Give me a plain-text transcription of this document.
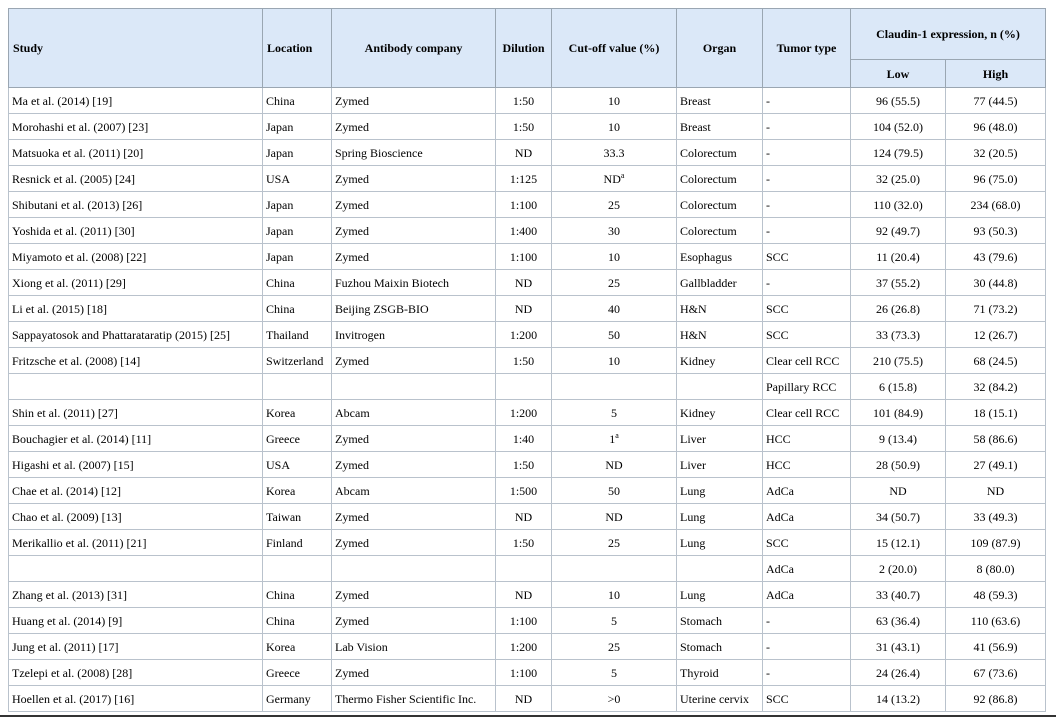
Study	Location	Antibody company	Dilution	Cut-off value (%)	Organ	Tumor type	Claudin-1 expression, n (%)	
							Low	High
Ma et al. (2014) [19]	China	Zymed	1:50	10	Breast	-	96 (55.5)	77 (44.5)
Morohashi et al. (2007) [23]	Japan	Zymed	1:50	10	Breast	-	104 (52.0)	96 (48.0)
Matsuoka et al. (2011) [20]	Japan	Spring Bioscience	ND	33.3	Colorectum	-	124 (79.5)	32 (20.5)
Resnick et al. (2005) [24]	USA	Zymed	1:125	$ND^a$	Colorectum	-	32 (25.0)	96 (75.0)
Shibutani et al. (2013) [26]	Japan	Zymed	1:100	25	Colorectum	-	110 (32.0)	234 (68.0)
Yoshida et al. (2011) [30]	Japan	Zymed	1:400	30	Colorectum	-	92 (49.7)	93 (50.3)
Miyamoto et al. (2008) [22]	Japan	Zymed	1:100	10	Esophagus	SCC	11 (20.4)	43 (79.6)
Xiong et al. (2011) [29]	China	Fuzhou Maixin Biotech	ND	25	Gallbladder	-	37 (55.2)	30 (44.8)
Li et al. (2015) [18]	China	Beijing ZSGB-BIO	ND	40	H&N	SCC	26 (26.8)	71 (73.2)
Sappayatosok and Phattarataratip (2015) [25]	Thailand	Invitrogen	1:200	50	H&N	SCC	33 (73.3)	12 (26.7)
Fritzsche et al. (2008) [14]	Switzerland	Zymed	1:50	10	Kidney	Clear cell RCC	210 (75.5)	68 (24.5)
						Papillary RCC	6 (15.8)	32 (84.2)
Shin et al. (2011) [27]	Korea	Abcam	1:200	5	Kidney	Clear cell RCC	101 (84.9)	18 (15.1)
Bouchagier et al. (2014) [11]	Greece	Zymed	1:40	1$^a$	Liver	HCC	9 (13.4)	58 (86.6)
Higashi et al. (2007) [15]	USA	Zymed	1:50	ND	Liver	HCC	28 (50.9)	27 (49.1)
Chae et al. (2014) [12]	Korea	Abcam	1:500	50	Lung	AdCa	ND	ND
Chao et al. (2009) [13]	Taiwan	Zymed	ND	ND	Lung	AdCa	34 (50.7)	33 (49.3)
Merikallio et al. (2011) [21]	Finland	Zymed	1:50	25	Lung	SCC	15 (12.1)	109 (87.9)
						AdCa	2 (20.0)	8 (80.0)
Zhang et al. (2013) [31]	China	Zymed	ND	10	Lung	AdCa	33 (40.7)	48 (59.3)
Huang et al. (2014) [9]	China	Zymed	1:100	5	Stomach	-	63 (36.4)	110 (63.6)
Jung et al. (2011) [17]	Korea	Lab Vision	1:200	25	Stomach	-	31 (43.1)	41 (56.9)
Tzelepi et al. (2008) [28]	Greece	Zymed	1:100	5	Thyroid	-	24 (26.4)	67 (73.6)
Hoellen et al. (2017) [16]	Germany	Thermo Fisher Scientific Inc.	ND	>0	Uterine cervix	SCC	14 (13.2)	92 (86.8)
